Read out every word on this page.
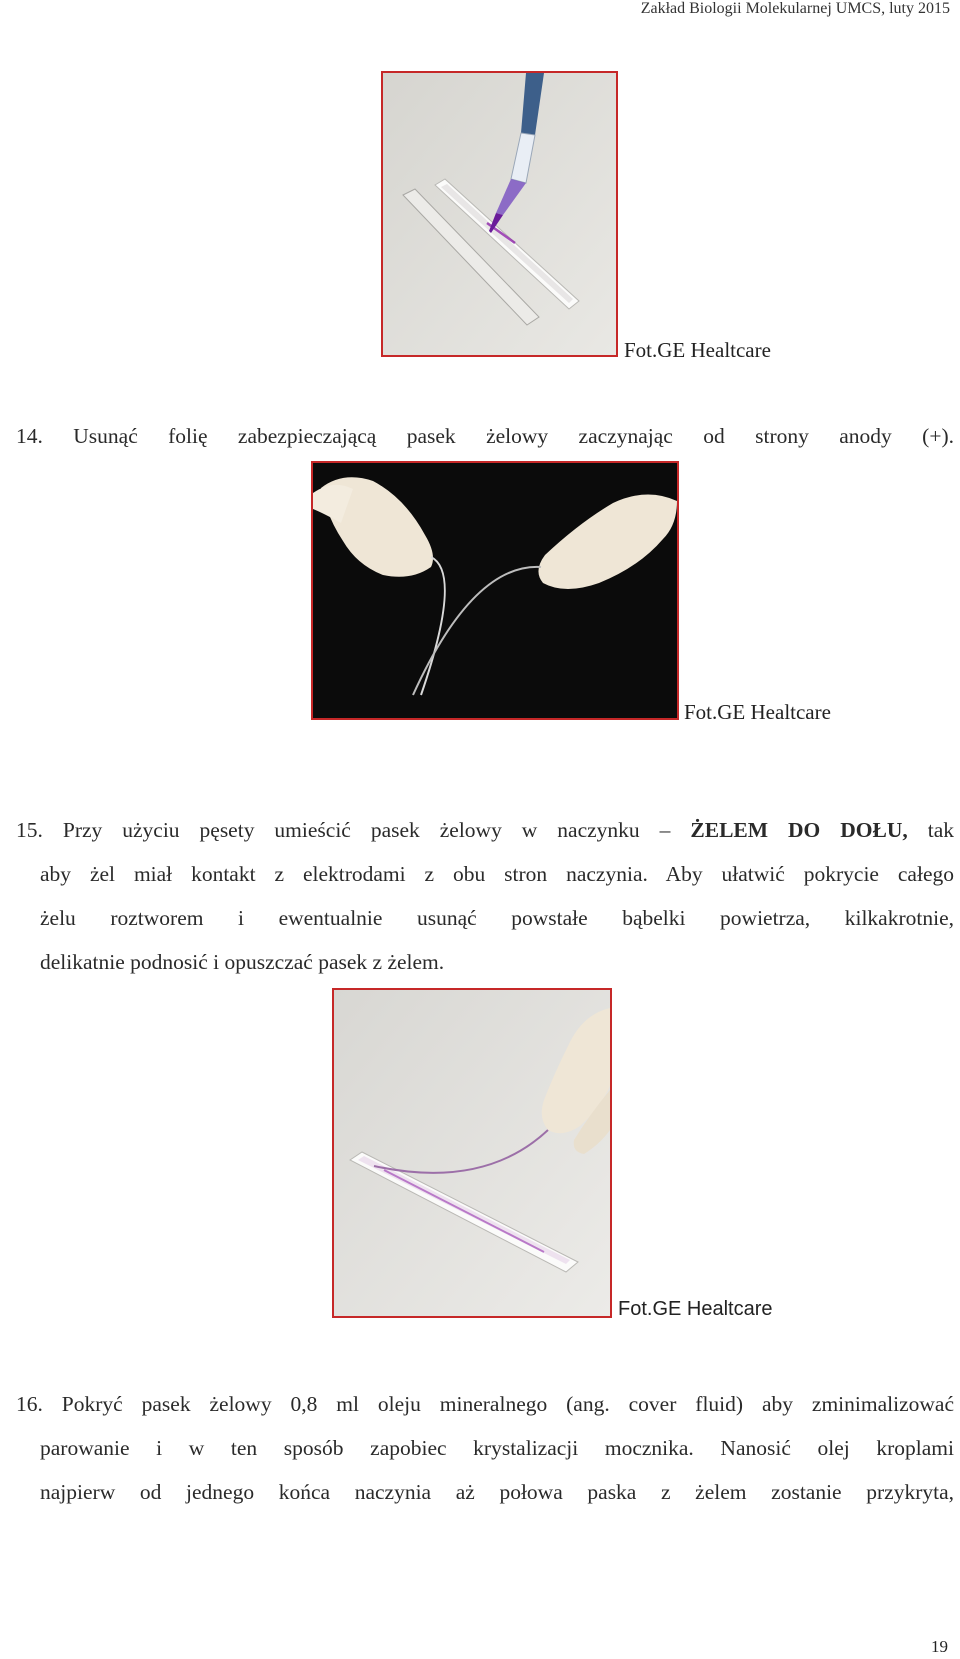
Zakład Biologii Molekularnej UMCS, luty 2015
Fot.GE Healtcare
14. Usunąć folię zabezpieczającą pasek żelowy zaczynając od strony anody (+).
Fot.GE Healtcare
15. Przy użyciu pęsety umieścić pasek żelowy w naczynku – ŻELEM DO DOŁU, tak
aby żel miał kontakt z elektrodami z obu stron naczynia. Aby ułatwić pokrycie całego
żelu roztworem i ewentualnie usunąć powstałe bąbelki powietrza, kilkakrotnie,
delikatnie podnosić i opuszczać pasek z żelem.
Fot.GE Healtcare
16. Pokryć pasek żelowy 0,8 ml oleju mineralnego (ang. cover fluid) aby zminimalizować
parowanie i w ten sposób zapobiec krystalizacji mocznika. Nanosić olej kroplami
najpierw od jednego końca naczynia aż połowa paska z żelem zostanie przykryta,
19
